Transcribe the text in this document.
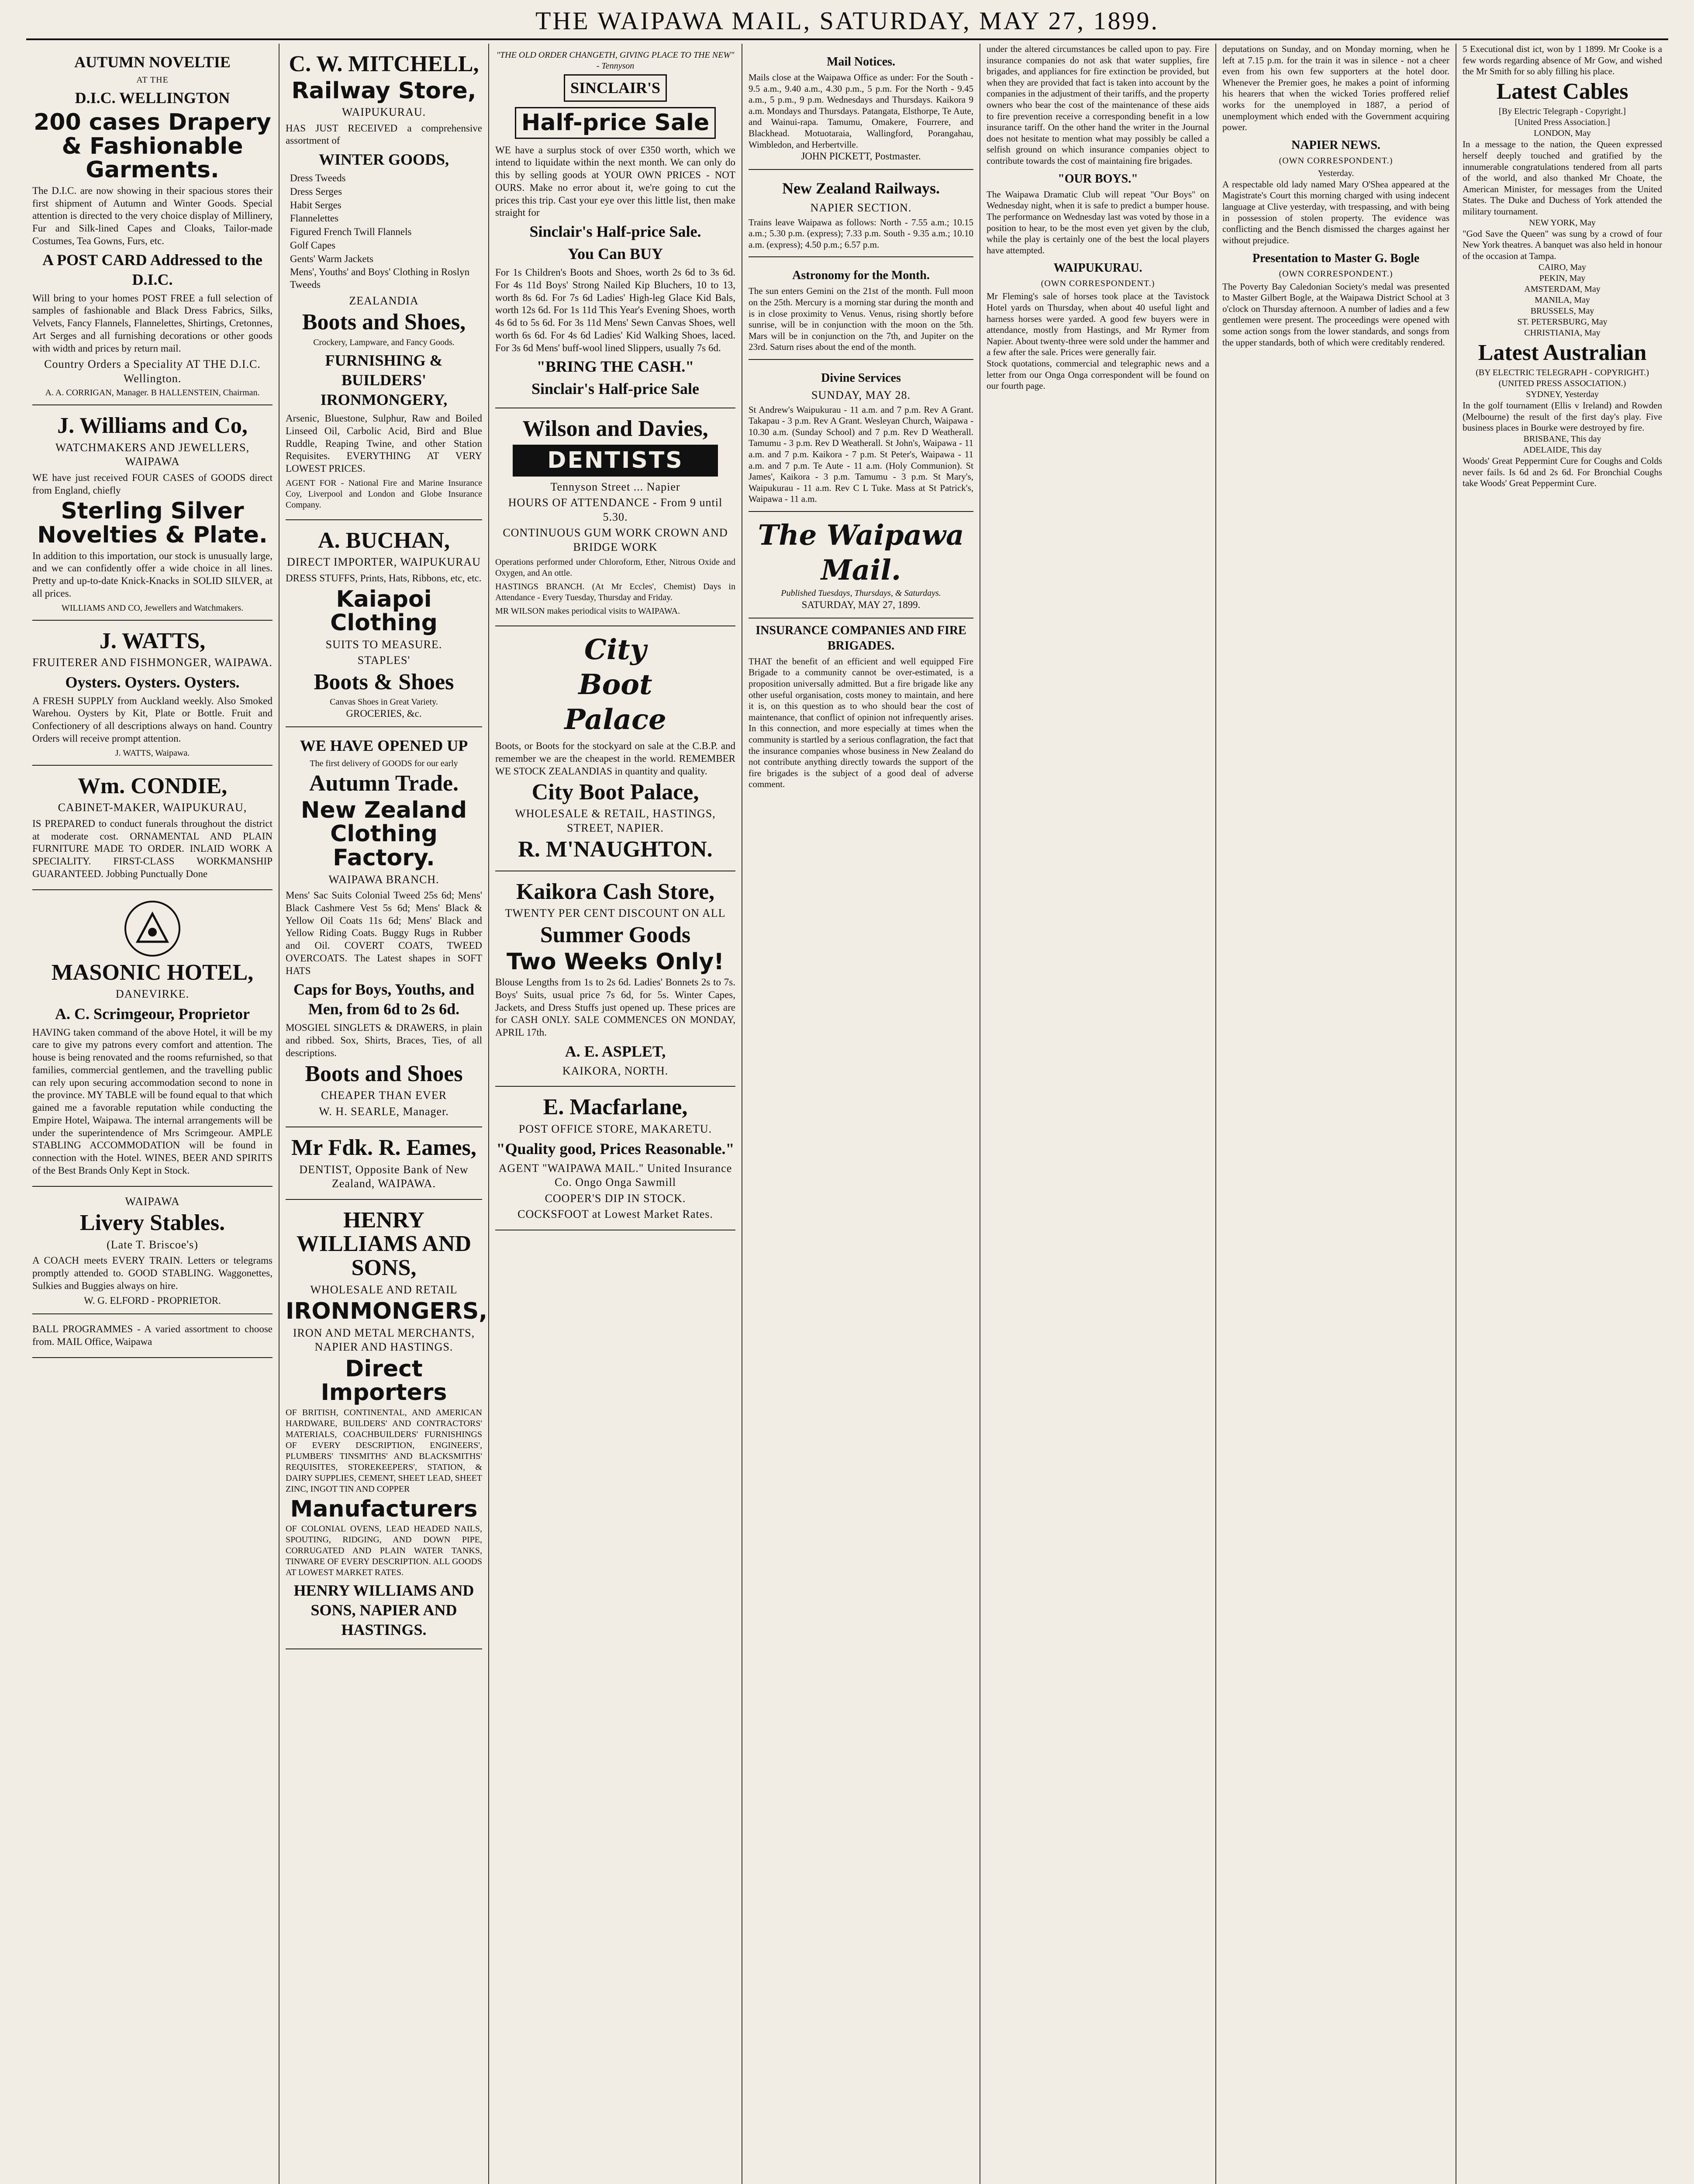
THE WAIPAWA MAIL, SATURDAY, MAY 27, 1899.
AUTUMN NOVELTIE
AT THE
D.I.C. WELLINGTON
200 cases Drapery & Fashionable Garments.
The D.I.C. are now showing in their spacious stores their first shipment of Autumn and Winter Goods. Special attention is directed to the very choice display of Millinery, Fur and Silk-lined Capes and Cloaks, Tailor-made Costumes, Tea Gowns, Furs, etc.
A POST CARD Addressed to the D.I.C.
Will bring to your homes POST FREE a full selection of samples of fashionable and Black Dress Fabrics, Silks, Velvets, Fancy Flannels, Flannelettes, Shirtings, Cretonnes, Art Serges and all furnishing decorations or other goods with width and prices by return mail.
Country Orders a Speciality AT THE D.I.C. Wellington.
A. A. CORRIGAN, Manager. B HALLENSTEIN, Chairman.
J. Williams and Co,
WATCHMAKERS AND JEWELLERS, WAIPAWA
WE have just received FOUR CASES of GOODS direct from England, chiefly
Sterling Silver Novelties & Plate.
In addition to this importation, our stock is unusually large, and we can confidently offer a wide choice in all lines. Pretty and up-to-date Knick-Knacks in SOLID SILVER, at all prices.
WILLIAMS AND CO, Jewellers and Watchmakers.
J. WATTS,
FRUITERER AND FISHMONGER, WAIPAWA.
Oysters. Oysters. Oysters.
A FRESH SUPPLY from Auckland weekly. Also Smoked Warehou. Oysters by Kit, Plate or Bottle. Fruit and Confectionery of all descriptions always on hand. Country Orders will receive prompt attention.
J. WATTS, Waipawa.
Wm. CONDIE,
CABINET-MAKER, WAIPUKURAU,
IS PREPARED to conduct funerals throughout the district at moderate cost. ORNAMENTAL AND PLAIN FURNITURE MADE TO ORDER. INLAID WORK A SPECIALITY. FIRST-CLASS WORKMANSHIP GUARANTEED. Jobbing Punctually Done
MASONIC HOTEL,
DANEVIRKE.
A. C. Scrimgeour, Proprietor
HAVING taken command of the above Hotel, it will be my care to give my patrons every comfort and attention. The house is being renovated and the rooms refurnished, so that families, commercial gentlemen, and the travelling public can rely upon securing accommodation second to none in the province. MY TABLE will be found equal to that which gained me a favorable reputation while conducting the Empire Hotel, Waipawa. The internal arrangements will be under the superintendence of Mrs Scrimgeour. AMPLE STABLING ACCOMMODATION will be found in connection with the Hotel. WINES, BEER AND SPIRITS of the Best Brands Only Kept in Stock.
WAIPAWA
Livery Stables.
(Late T. Briscoe's)
A COACH meets EVERY TRAIN. Letters or telegrams promptly attended to. GOOD STABLING. Waggonettes, Sulkies and Buggies always on hire.
W. G. ELFORD - PROPRIETOR.
BALL PROGRAMMES - A varied assortment to choose from. MAIL Office, Waipawa
C. W. MITCHELL,
Railway Store,
WAIPUKURAU.
HAS JUST RECEIVED a comprehensive assortment of
WINTER GOODS,
Dress Tweeds
Dress Serges
Habit Serges
Flannelettes
Figured French Twill Flannels
Golf Capes
Gents' Warm Jackets
Mens', Youths' and Boys' Clothing in Roslyn Tweeds
ZEALANDIA
Boots and Shoes,
Crockery, Lampware, and Fancy Goods.
FURNISHING & BUILDERS' IRONMONGERY,
Arsenic, Bluestone, Sulphur, Raw and Boiled Linseed Oil, Carbolic Acid, Bird and Blue Ruddle, Reaping Twine, and other Station Requisites. EVERYTHING AT VERY LOWEST PRICES.
AGENT FOR - National Fire and Marine Insurance Coy, Liverpool and London and Globe Insurance Company.
A. BUCHAN,
DIRECT IMPORTER, WAIPUKURAU
DRESS STUFFS, Prints, Hats, Ribbons, etc, etc.
Kaiapoi Clothing
SUITS TO MEASURE.
STAPLES'
Boots & Shoes
Canvas Shoes in Great Variety.
GROCERIES, &c.
WE HAVE OPENED UP
The first delivery of GOODS for our early
Autumn Trade.
New Zealand Clothing Factory.
WAIPAWA BRANCH.
Mens' Sac Suits Colonial Tweed 25s 6d; Mens' Black Cashmere Vest 5s 6d; Mens' Black & Yellow Oil Coats 11s 6d; Mens' Black and Yellow Riding Coats. Buggy Rugs in Rubber and Oil. COVERT COATS, TWEED OVERCOATS. The Latest shapes in SOFT HATS
Caps for Boys, Youths, and Men, from 6d to 2s 6d.
MOSGIEL SINGLETS & DRAWERS, in plain and ribbed. Sox, Shirts, Braces, Ties, of all descriptions.
Boots and Shoes
CHEAPER THAN EVER
W. H. SEARLE, Manager.
Mr Fdk. R. Eames,
DENTIST, Opposite Bank of New Zealand, WAIPAWA.
HENRY WILLIAMS AND SONS,
WHOLESALE AND RETAIL
IRONMONGERS,
IRON AND METAL MERCHANTS, NAPIER AND HASTINGS.
Direct Importers
OF BRITISH, CONTINENTAL, AND AMERICAN HARDWARE, BUILDERS' AND CONTRACTORS' MATERIALS, COACHBUILDERS' FURNISHINGS OF EVERY DESCRIPTION, ENGINEERS', PLUMBERS' TINSMITHS' AND BLACKSMITHS' REQUISITES, STOREKEEPERS', STATION, & DAIRY SUPPLIES, CEMENT, SHEET LEAD, SHEET ZINC, INGOT TIN AND COPPER
Manufacturers
OF COLONIAL OVENS, LEAD HEADED NAILS, SPOUTING, RIDGING, AND DOWN PIPE, CORRUGATED AND PLAIN WATER TANKS, TINWARE OF EVERY DESCRIPTION. ALL GOODS AT LOWEST MARKET RATES.
HENRY WILLIAMS AND SONS, NAPIER AND HASTINGS.
"THE OLD ORDER CHANGETH, GIVING PLACE TO THE NEW" - Tennyson
SINCLAIR'S
Half-price Sale
WE have a surplus stock of over £350 worth, which we intend to liquidate within the next month. We can only do this by selling goods at YOUR OWN PRICES - NOT OURS. Make no error about it, we're going to cut the prices this trip. Cast your eye over this little list, then make straight for
Sinclair's Half-price Sale.
You Can BUY
For 1s Children's Boots and Shoes, worth 2s 6d to 3s 6d. For 4s 11d Boys' Strong Nailed Kip Bluchers, 10 to 13, worth 8s 6d. For 7s 6d Ladies' High-leg Glace Kid Bals, worth 12s 6d. For 1s 11d This Year's Evening Shoes, worth 4s 6d to 5s 6d. For 3s 11d Mens' Sewn Canvas Shoes, well worth 6s 6d. For 4s 6d Ladies' Kid Walking Shoes, laced. For 3s 6d Mens' buff-wool lined Slippers, usually 7s 6d.
"BRING THE CASH."
Sinclair's Half-price Sale
Wilson and Davies,
DENTISTS
Tennyson Street ... Napier
HOURS OF ATTENDANCE - From 9 until 5.30.
CONTINUOUS GUM WORK CROWN AND BRIDGE WORK
Operations performed under Chloroform, Ether, Nitrous Oxide and Oxygen, and An ottle.
HASTINGS BRANCH. (At Mr Eccles', Chemist) Days in Attendance - Every Tuesday, Thursday and Friday.
MR WILSON makes periodical visits to WAIPAWA.
City
Boot
Palace
Boots, or Boots for the stockyard on sale at the C.B.P. and remember we are the cheapest in the world. REMEMBER WE STOCK ZEALANDIAS in quantity and quality.
City Boot Palace,
WHOLESALE & RETAIL, HASTINGS, STREET, NAPIER.
R. M'NAUGHTON.
Kaikora Cash Store,
TWENTY PER CENT DISCOUNT ON ALL
Summer Goods
Two Weeks Only!
Blouse Lengths from 1s to 2s 6d. Ladies' Bonnets 2s to 7s. Boys' Suits, usual price 7s 6d, for 5s. Winter Capes, Jackets, and Dress Stuffs just opened up. These prices are for CASH ONLY. SALE COMMENCES ON MONDAY, APRIL 17th.
A. E. ASPLET,
KAIKORA, NORTH.
E. Macfarlane,
POST OFFICE STORE, MAKARETU.
"Quality good, Prices Reasonable."
AGENT "WAIPAWA MAIL." United Insurance Co. Ongo Onga Sawmill
COOPER'S DIP IN STOCK.
COCKSFOOT at Lowest Market Rates.
Mail Notices.
Mails close at the Waipawa Office as under: For the South - 9.5 a.m., 9.40 a.m., 4.30 p.m., 5 p.m. For the North - 9.45 a.m., 5 p.m., 9 p.m. Wednesdays and Thursdays. Kaikora 9 a.m. Mondays and Thursdays. Patangata, Elsthorpe, Te Aute, and Wainui-rapa. Tamumu, Omakere, Fourrere, and Blackhead. Motuotaraia, Wallingford, Porangahau, Wimbledon, and Herbertville.
JOHN PICKETT, Postmaster.
New Zealand Railways.
NAPIER SECTION.
Trains leave Waipawa as follows: North - 7.55 a.m.; 10.15 a.m.; 5.30 p.m. (express); 7.33 p.m. South - 9.35 a.m.; 10.10 a.m. (express); 4.50 p.m.; 6.57 p.m.
Astronomy for the Month.
The sun enters Gemini on the 21st of the month. Full moon on the 25th. Mercury is a morning star during the month and is in close proximity to Venus. Venus, rising shortly before sunrise, will be in conjunction with the moon on the 5th. Mars will be in conjunction on the 7th, and Jupiter on the 23rd. Saturn rises about the end of the month.
Divine Services
SUNDAY, MAY 28.
St Andrew's Waipukurau - 11 a.m. and 7 p.m. Rev A Grant. Takapau - 3 p.m. Rev A Grant. Wesleyan Church, Waipawa - 10.30 a.m. (Sunday School) and 7 p.m. Rev D Weatherall. Tamumu - 3 p.m. Rev D Weatherall. St John's, Waipawa - 11 a.m. and 7 p.m. Kaikora - 7 p.m. St Peter's, Waipawa - 11 a.m. and 7 p.m. Te Aute - 11 a.m. (Holy Communion). St James', Kaikora - 3 p.m. Tamumu - 3 p.m. St Mary's, Waipukurau - 11 a.m. Rev C L Tuke. Mass at St Patrick's, Waipawa - 11 a.m.
The Waipawa Mail.
Published Tuesdays, Thursdays, & Saturdays.
SATURDAY, MAY 27, 1899.
INSURANCE COMPANIES AND FIRE BRIGADES.
THAT the benefit of an efficient and well equipped Fire Brigade to a community cannot be over-estimated, is a proposition universally admitted. But a fire brigade like any other useful organisation, costs money to maintain, and here it is, on this question as to who should bear the cost of maintenance, that conflict of opinion not infrequently arises. In this connection, and more especially at times when the community is startled by a serious conflagration, the fact that the insurance companies whose business in New Zealand do not contribute anything directly towards the support of the fire brigades is the subject of a good deal of adverse comment.
under the altered circumstances be called upon to pay. Fire insurance companies do not ask that water supplies, fire brigades, and appliances for fire extinction be provided, but when they are provided that fact is taken into account by the companies in the adjustment of their tariffs, and the property owners who bear the cost of the maintenance of these aids to fire prevention receive a corresponding benefit in a low insurance tariff. On the other hand the writer in the Journal does not hesitate to mention what may possibly be called a selfish ground on which insurance companies object to contribute towards the cost of maintaining fire brigades.
"OUR BOYS."
The Waipawa Dramatic Club will repeat "Our Boys" on Wednesday night, when it is safe to predict a bumper house. The performance on Wednesday last was voted by those in a position to hear, to be the most even yet given by the club, while the play is certainly one of the best the local players have attempted.
WAIPUKURAU.
(OWN CORRESPONDENT.)
Mr Fleming's sale of horses took place at the Tavistock Hotel yards on Thursday, when about 40 useful light and harness horses were yarded. A good few buyers were in attendance, mostly from Hastings, and Mr Rymer from Napier. About twenty-three were sold under the hammer and a few after the sale. Prices were generally fair.
Stock quotations, commercial and telegraphic news and a letter from our Onga Onga correspondent will be found on our fourth page.
deputations on Sunday, and on Monday morning, when he left at 7.15 p.m. for the train it was in silence - not a cheer even from his own few supporters at the hotel door. Whenever the Premier goes, he makes a point of informing his hearers that when the wicked Tories proffered relief works for the unemployed in 1887, a period of unemployment which ended with the Government acquiring power.
NAPIER NEWS.
(OWN CORRESPONDENT.)
Yesterday.
A respectable old lady named Mary O'Shea appeared at the Magistrate's Court this morning charged with using indecent language at Clive yesterday, with trespassing, and with being in possession of stolen property. The evidence was conflicting and the Bench dismissed the charges against her without prejudice.
Presentation to Master G. Bogle
(OWN CORRESPONDENT.)
The Poverty Bay Caledonian Society's medal was presented to Master Gilbert Bogle, at the Waipawa District School at 3 o'clock on Thursday afternoon. A number of ladies and a few gentlemen were present. The proceedings were opened with some action songs from the lower standards, and songs from the upper standards, both of which were creditably rendered.
5 Executional dist ict, won by 1 1899. Mr Cooke is a few words regarding absence of Mr Gow, and wished the Mr Smith for so ably filling his place.
Latest Cables
[By Electric Telegraph - Copyright.]
[United Press Association.]
LONDON, May
In a message to the nation, the Queen expressed herself deeply touched and gratified by the innumerable congratulations tendered from all parts of the world, and also thanked Mr Choate, the American Minister, for messages from the United States. The Duke and Duchess of York attended the military tournament.
NEW YORK, May
"God Save the Queen" was sung by a crowd of four New York theatres. A banquet was also held in honour of the occasion at Tampa.
CAIRO, May
PEKIN, May
AMSTERDAM, May
MANILA, May
BRUSSELS, May
ST. PETERSBURG, May
CHRISTIANIA, May
Latest Australian
(BY ELECTRIC TELEGRAPH - COPYRIGHT.)
(UNITED PRESS ASSOCIATION.)
SYDNEY, Yesterday
In the golf tournament (Ellis v Ireland) and Rowden (Melbourne) the result of the first day's play. Five business places in Bourke were destroyed by fire.
BRISBANE, This day
ADELAIDE, This day
Woods' Great Peppermint Cure for Coughs and Colds never fails. Is 6d and 2s 6d. For Bronchial Coughs take Woods' Great Peppermint Cure.
